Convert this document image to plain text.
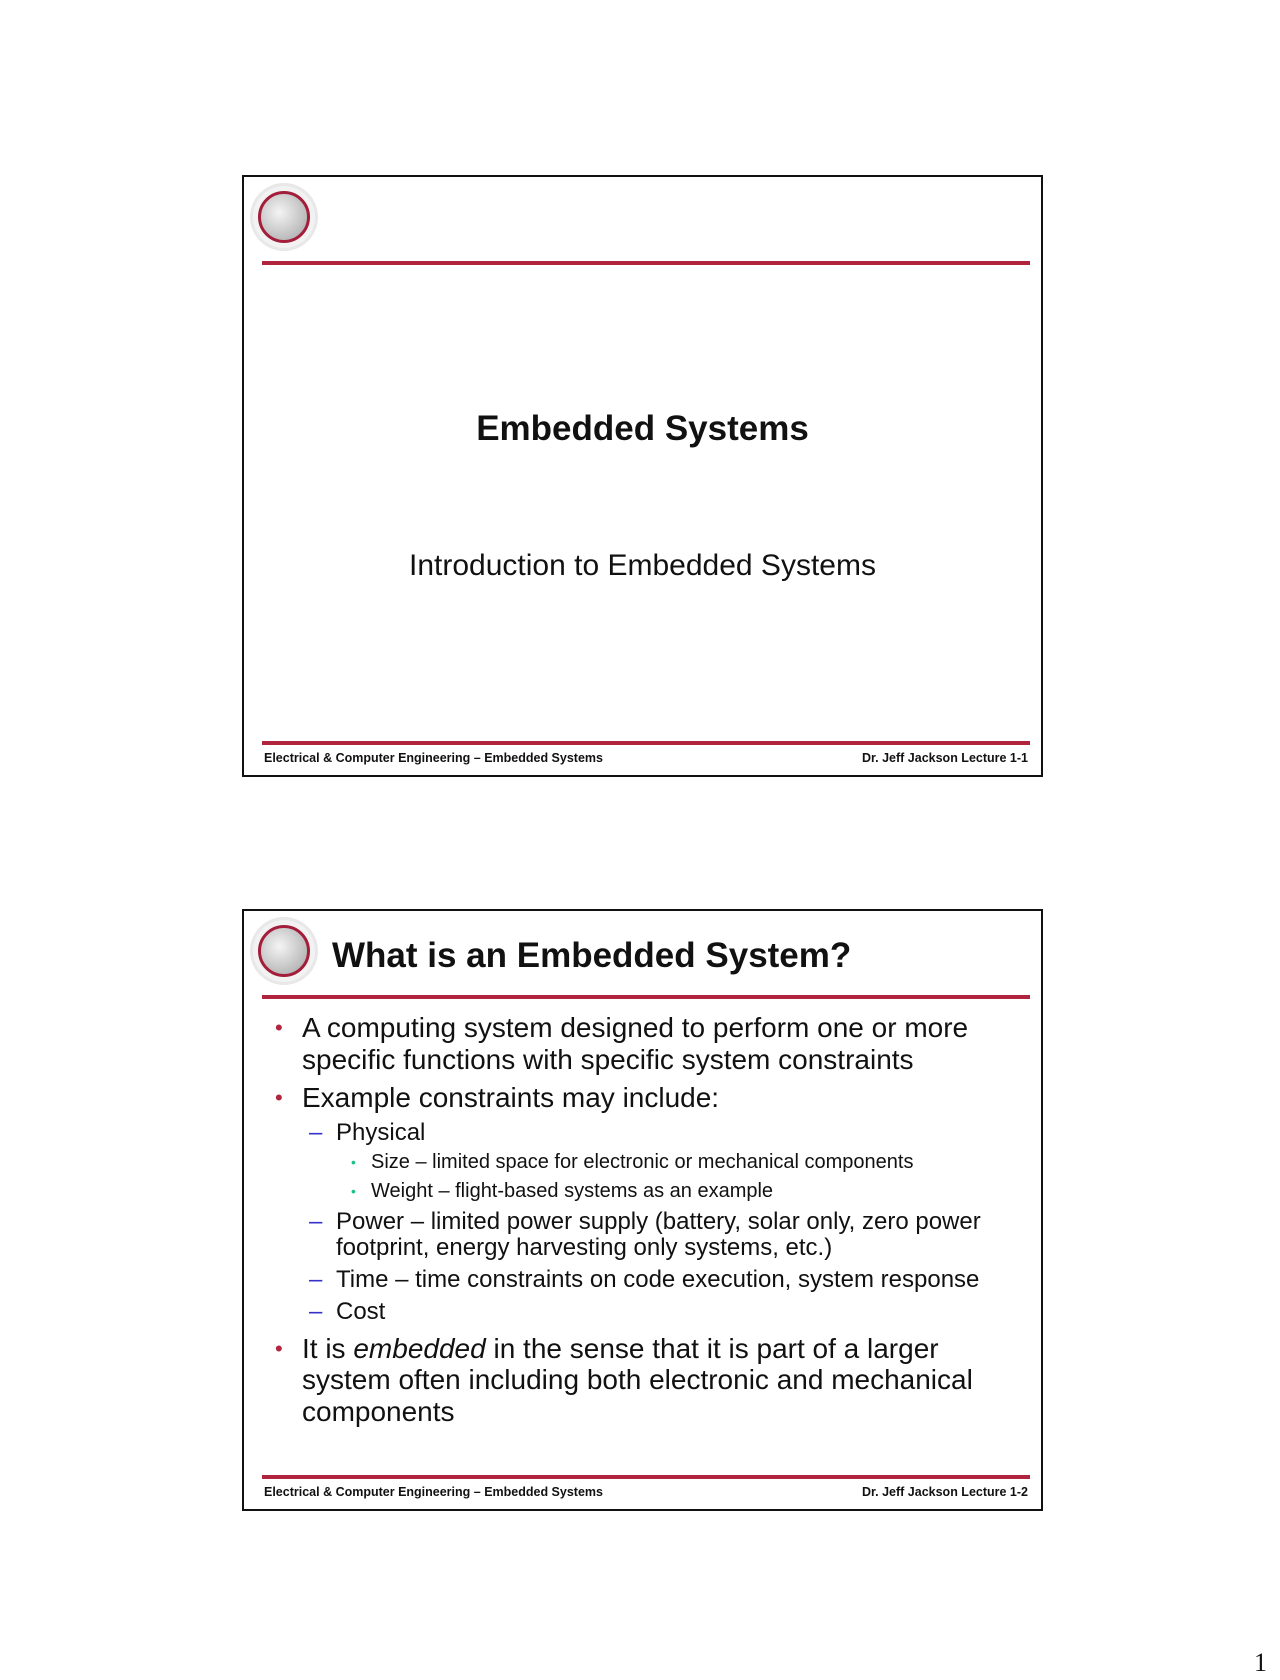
Embedded Systems
Introduction to Embedded Systems
Electrical & Computer Engineering – Embedded Systems	Dr. Jeff Jackson Lecture 1-1
What is an Embedded System?
• A computing system designed to perform one or more
specific functions with specific system constraints
• Example constraints may include:
– Physical
• Size – limited space for electronic or mechanical components
• Weight – flight-based systems as an example
– Power – limited power supply (battery, solar only, zero power
footprint, energy harvesting only systems, etc.)
– Time – time constraints on code execution, system response
– Cost
• It is embedded in the sense that it is part of a larger
system often including both electronic and mechanical
components
Electrical & Computer Engineering – Embedded Systems	Dr. Jeff Jackson Lecture 1-2
1
